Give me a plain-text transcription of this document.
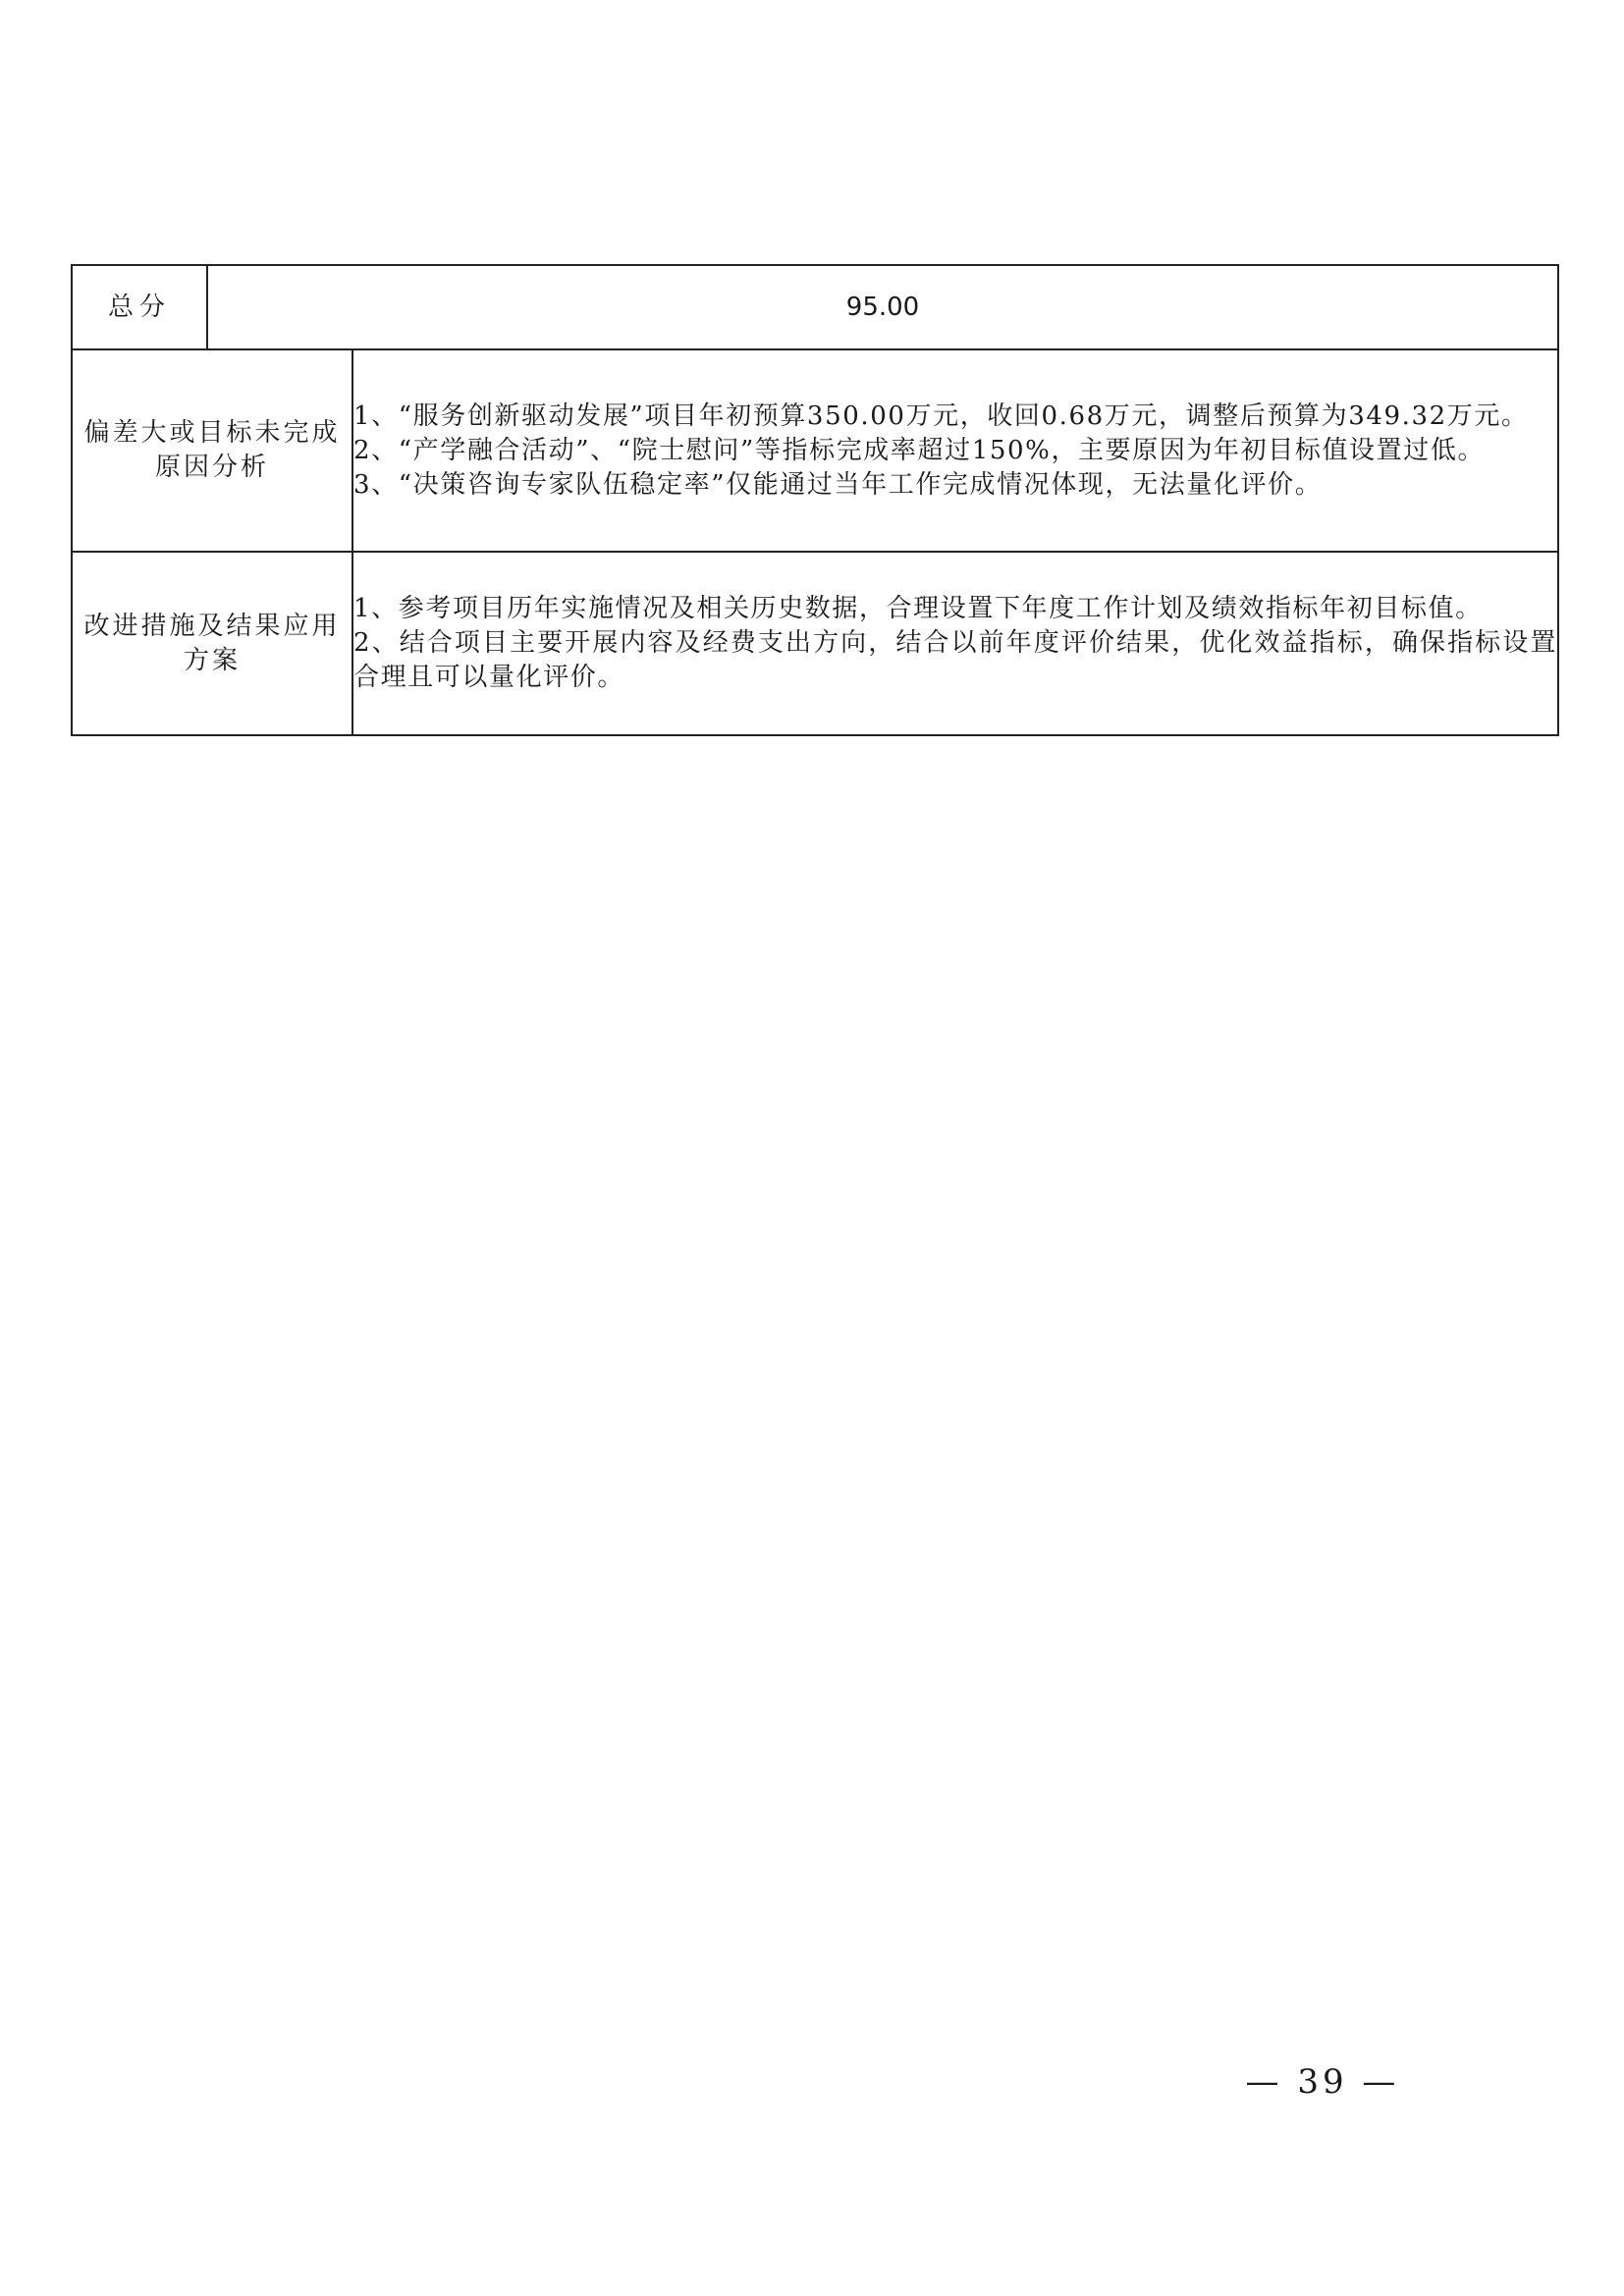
总分	95.00	
偏差大或目标未完成原因分析		1、“服务创新驱动发展”项目年初预算350.00万元，收回0.68万元，调整后预算为349.32万元。

2、“产学融合活动”、“院士慰问”等指标完成率超过150%，主要原因为年初目标值设置过低。

3、“决策咨询专家队伍稳定率”仅能通过当年工作完成情况体现，无法量化评价。

改进措施及结果应用方案		1、参考项目历年实施情况及相关历史数据，合理设置下年度工作计划及绩效指标年初目标值。

2、结合项目主要开展内容及经费支出方向，结合以前年度评价结果，优化效益指标，确保指标设置合理且可以量化评价。

— 39 —
